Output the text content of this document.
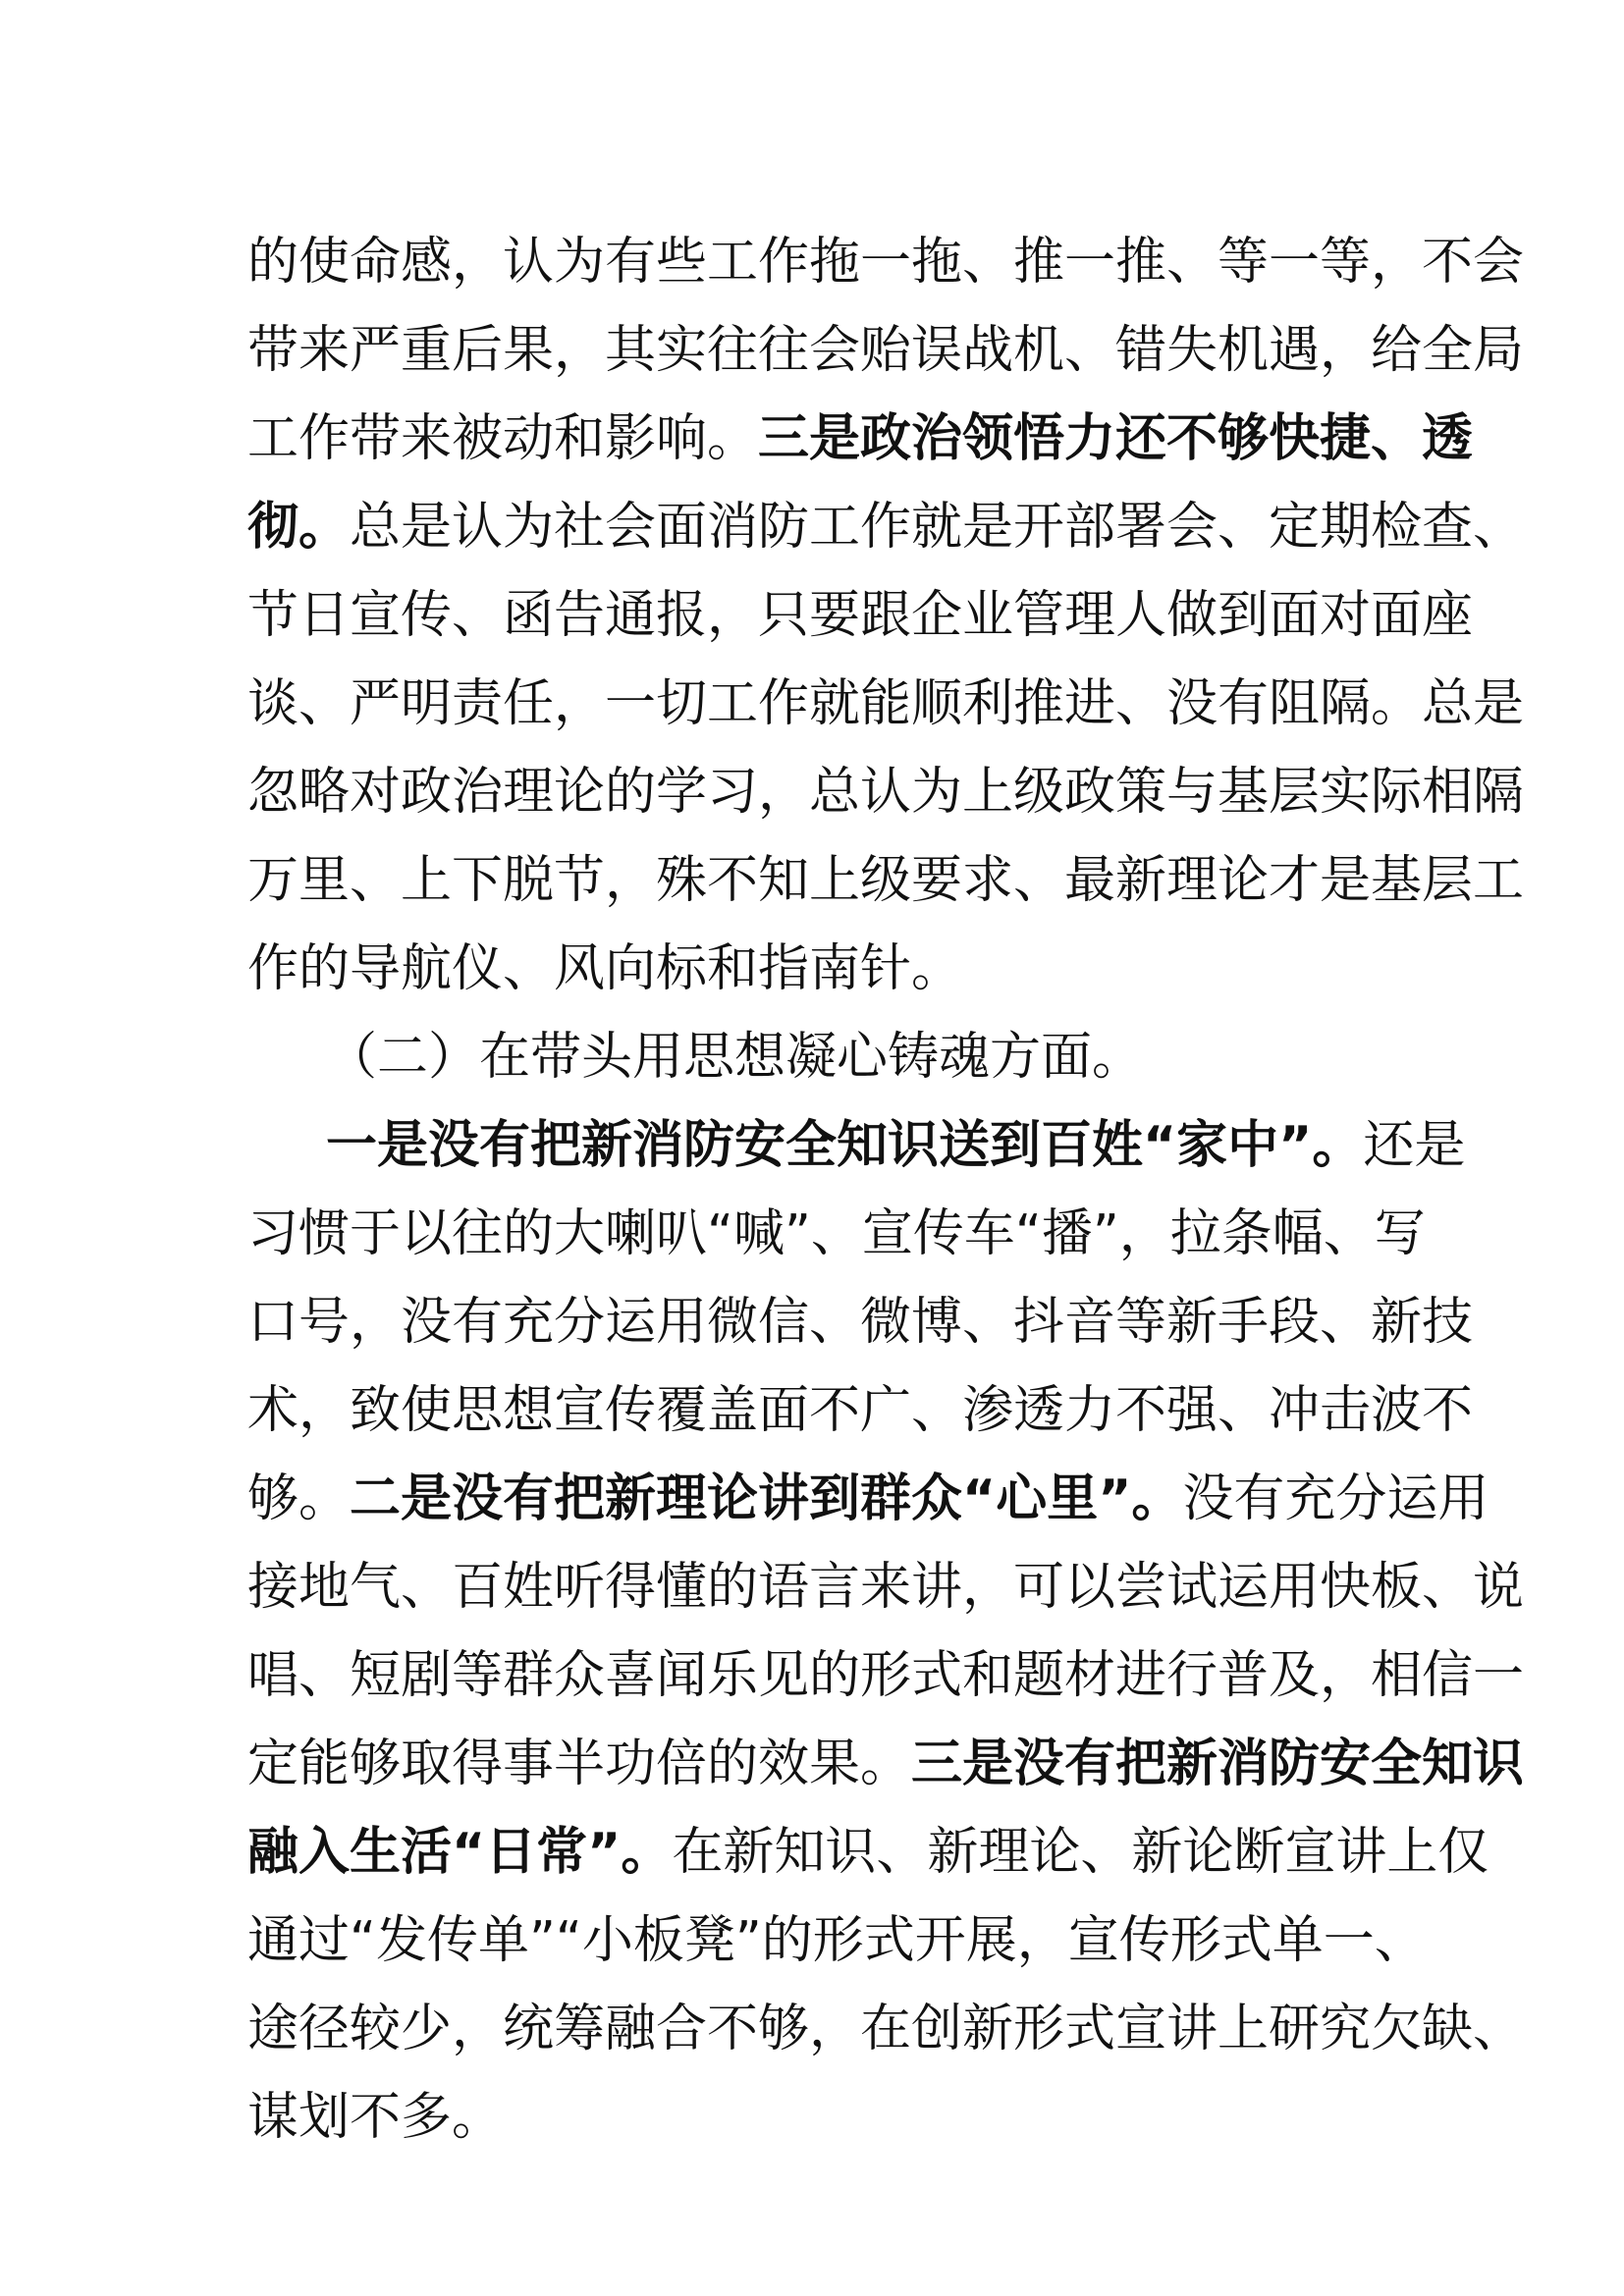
的使命感，认为有些工作拖一拖、推一推、等一等，不会
带来严重后果，其实往往会贻误战机、错失机遇，给全局
工作带来被动和影响。三是政治领悟力还不够快捷、透
彻。总是认为社会面消防工作就是开部署会、定期检查、
节日宣传、函告通报，只要跟企业管理人做到面对面座
谈、严明责任，一切工作就能顺利推进、没有阻隔。总是
忽略对政治理论的学习，总认为上级政策与基层实际相隔
万里、上下脱节，殊不知上级要求、最新理论才是基层工
作的导航仪、风向标和指南针。
（二）在带头用思想凝心铸魂方面。
一是没有把新消防安全知识送到百姓“家中”。还是
习惯于以往的大喇叭“喊”、宣传车“播”，拉条幅、写
口号，没有充分运用微信、微博、抖音等新手段、新技
术，致使思想宣传覆盖面不广、渗透力不强、冲击波不
够。二是没有把新理论讲到群众“心里”。没有充分运用
接地气、百姓听得懂的语言来讲，可以尝试运用快板、说
唱、短剧等群众喜闻乐见的形式和题材进行普及，相信一
定能够取得事半功倍的效果。三是没有把新消防安全知识
融入生活“日常”。在新知识、新理论、新论断宣讲上仅
通过“发传单”“小板凳”的形式开展，宣传形式单一、
途径较少，统筹融合不够，在创新形式宣讲上研究欠缺、
谋划不多。
